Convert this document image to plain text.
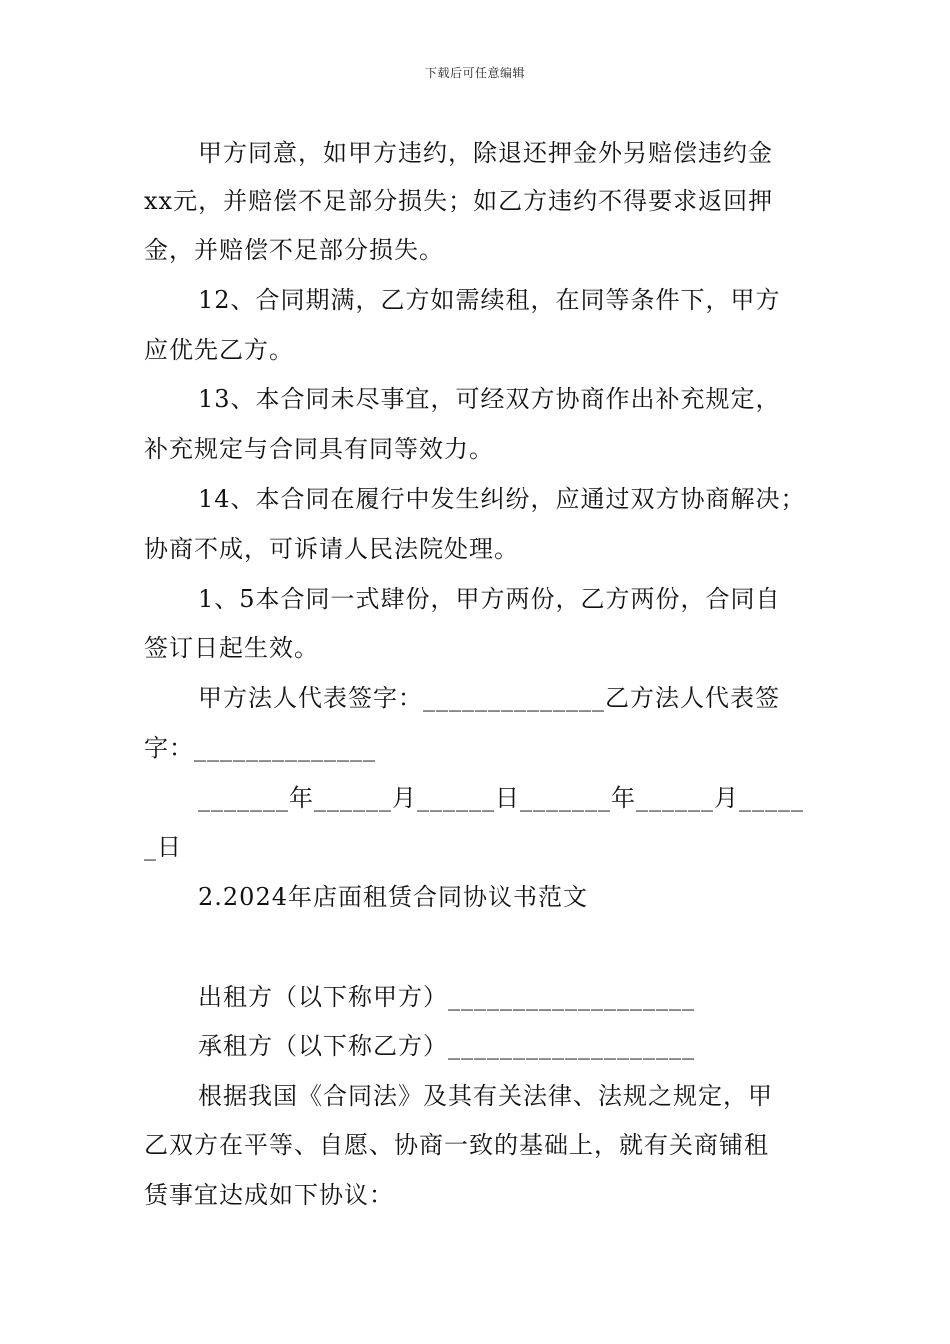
下载后可任意编辑
甲方同意，如甲方违约，除退还押金外另赔偿违约金
xx元，并赔偿不足部分损失；如乙方违约不得要求返回押
金，并赔偿不足部分损失。
12、合同期满，乙方如需续租，在同等条件下，甲方
应优先乙方。
13、本合同未尽事宜，可经双方协商作出补充规定，
补充规定与合同具有同等效力。
14、本合同在履行中发生纠纷，应通过双方协商解决；
协商不成，可诉请人民法院处理。
1、5本合同一式肆份，甲方两份，乙方两份，合同自
签订日起生效。
甲方法人代表签字：______________乙方法人代表签
字：______________
_______年______月______日_______年______月_____
_日
2.2024年店面租赁合同协议书范文
出租方（以下称甲方）___________________
承租方（以下称乙方）___________________
根据我国《合同法》及其有关法律、法规之规定，甲
乙双方在平等、自愿、协商一致的基础上，就有关商铺租
赁事宜达成如下协议：
